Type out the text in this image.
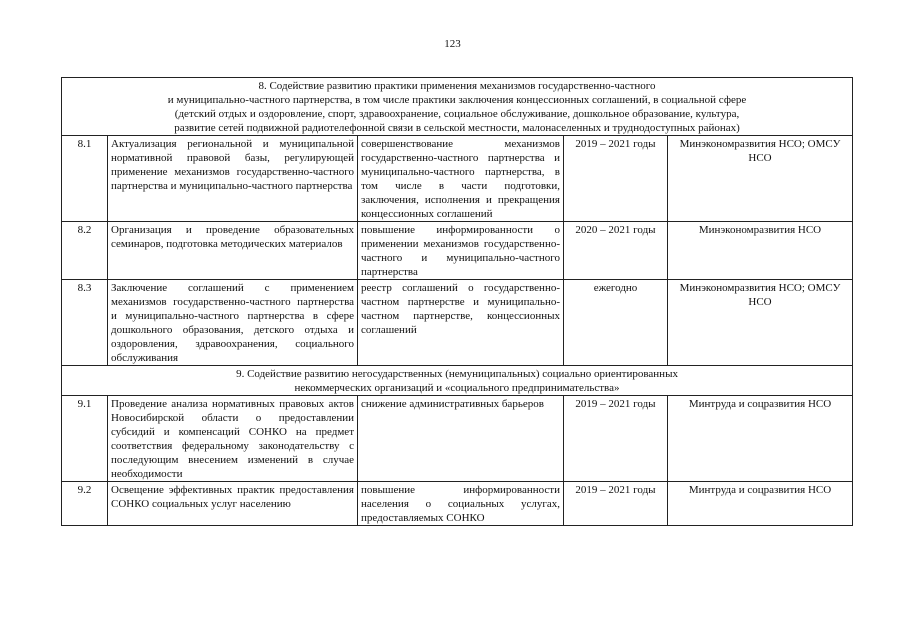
123
8. Содействие развитию практики применения механизмов государственно-частного
и муниципально-частного партнерства, в том числе практики заключения концессионных соглашений, в социальной сфере
(детский отдых и оздоровление, спорт, здравоохранение, социальное обслуживание, дошкольное образование, культура,
развитие сетей подвижной радиотелефонной связи в сельской местности, малонаселенных и труднодоступных районах)				

8.1	Актуализация региональной и муниципальной нормативной правовой базы, регулирующей применение механизмов государственно-частного партнерства и муниципально-частного партнерства	совершенствование механизмов государственно-частного партнерства и муниципально-частного партнерства, в том числе в части подготовки, заключения, исполнения и прекращения концессионных соглашений	2019 – 2021 годы	Минэкономразвития НСО; ОМСУ НСО
8.2	Организация и проведение образовательных семинаров, подготовка методических материалов	повышение информированности о применении механизмов государственно-частного и муниципально-частного партнерства	2020 – 2021 годы	Минэкономразвития НСО
8.3	Заключение соглашений с применением механизмов государственно-частного партнерства и муниципально-частного партнерства в сфере дошкольного образования, детского отдыха и оздоровления, здравоохранения, социального обслуживания	реестр соглашений о государственно-частном партнерстве и муниципально-частном партнерстве, концессионных соглашений	ежегодно	Минэкономразвития НСО; ОМСУ НСО

9. Содействие развитию негосударственных (немуниципальных) социально ориентированных
некоммерческих организаций и «социального предпринимательства»				

9.1	Проведение анализа нормативных правовых актов Новосибирской области о предоставлении субсидий и компенсаций СОНКО на предмет соответствия федеральному законодательству с последующим внесением изменений в случае необходимости	снижение административных барьеров	2019 – 2021 годы	Минтруда и соцразвития НСО
9.2	Освещение эффективных практик предоставления СОНКО социальных услуг населению	повышение информированности населения о социальных услугах, предоставляемых СОНКО	2019 – 2021 годы	Минтруда и соцразвития НСО
